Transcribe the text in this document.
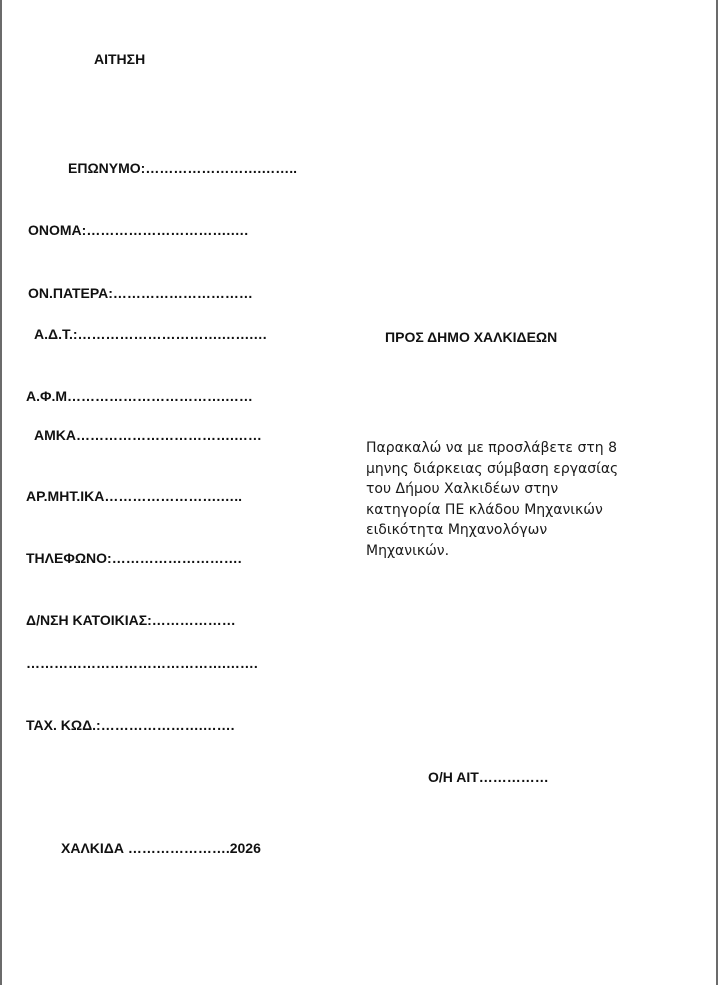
ΑΙΤΗΣΗ
ΕΠΩΝΥΜΟ:…………………….……..
ΟΝΟΜΑ:………………………….….
ΟΝ.ΠΑΤΕΡΑ:…………………………
Α.Δ.Τ.:………………………….…….…
Α.Φ.Μ…………………………….……
ΑΜΚΑ…………………………….……
ΑΡ.ΜΗΤ.ΙΚΑ…………………….…..
ΤΗΛΕΦΩΝΟ:……………………….
Δ/ΝΣΗ ΚΑΤΟΙΚΙΑΣ:………………
…………………………………….…….
ΤΑΧ. ΚΩΔ.:………………….…….
ΧΑΛΚΙΔΑ ………………….2026
ΠΡΟΣ ΔΗΜΟ ΧΑΛΚΙΔΕΩΝ
Παρακαλώ να με προσλάβετε στη 8
μηνης διάρκειας σύμβαση εργασίας
του Δήμου Χαλκιδέων στην
κατηγορία ΠΕ κλάδου Μηχανικών
ειδικότητα Μηχανολόγων
Μηχανικών.
Ο/Η ΑΙΤ……………
